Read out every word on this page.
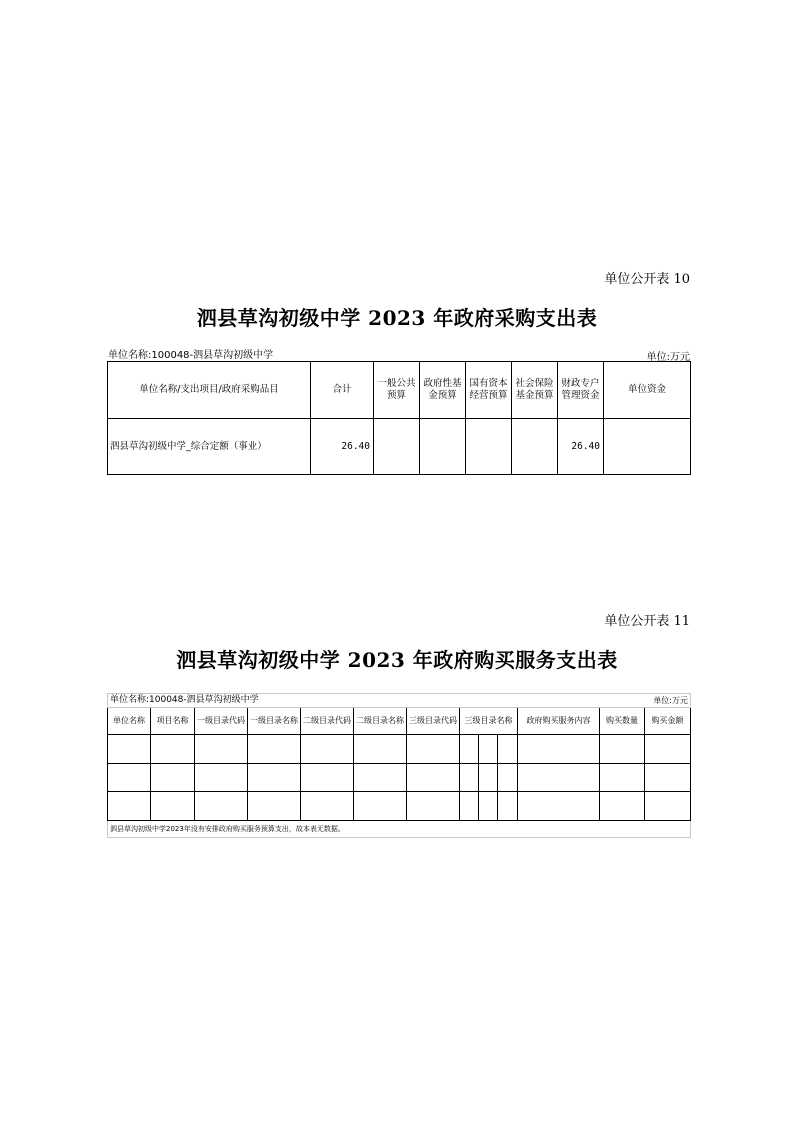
单位公开表 10
泗县草沟初级中学 2023 年政府采购支出表
单位名称:100048-泗县草沟初级中学	单位:万元
单位名称/支出项目/政府采购品目	合计	一般公共预算	政府性基金预算	国有资本经营预算	社会保险基金预算	财政专户管理资金	单位资金
泗县草沟初级中学_综合定额（事业）	26.40					26.40	
单位公开表 11
泗县草沟初级中学 2023 年政府购买服务支出表
单位名称:100048-泗县草沟初级中学												单位:万元
单位名称	项目名称	一级目录代码	一级目录名称	二级目录代码	二级目录名称	三级目录代码	三级目录名称			政府购买服务内容	购买数量	购买金额

泗县草沟初级中学2023年没有安排政府购买服务预算支出，故本表无数据。												
